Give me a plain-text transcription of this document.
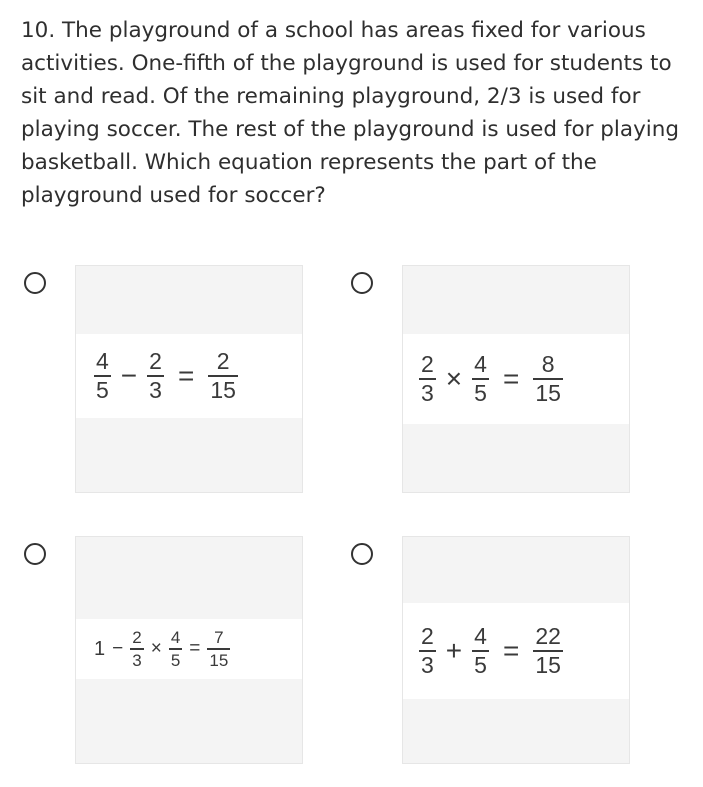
10. The playground of a school has areas fixed for various activities. One-fifth of the playground is used for students to sit and read. Of the remaining playground, 2/3 is used for playing soccer. The rest of the playground is used for playing basketball. Which equation represents the part of the playground used for soccer?

$\frac{4}{5} - \frac{2}{3} = \frac{2}{15}$	$\frac{2}{3} \times \frac{4}{5} = \frac{8}{15}$
$1 - \frac{2}{3} \times \frac{4}{5} = \frac{7}{15}$	$\frac{2}{3} + \frac{4}{5} = \frac{22}{15}$
